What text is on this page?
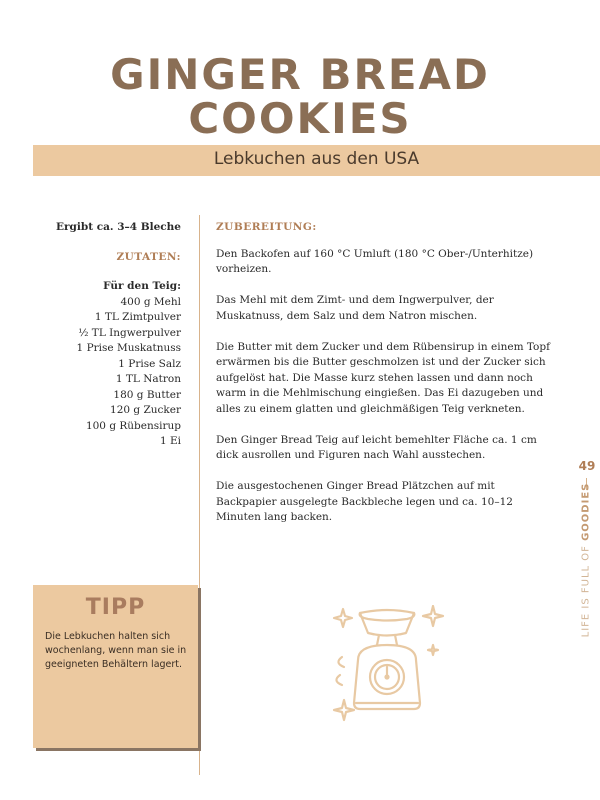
GINGER BREAD
COOKIES
Lebkuchen aus den USA
Ergibt ca. 3–4 Bleche
ZUTATEN:
Für den Teig:
400 g Mehl
1 TL Zimtpulver
½ TL Ingwerpulver
1 Prise Muskatnuss
1 Prise Salz
1 TL Natron
180 g Butter
120 g Zucker
100 g Rübensirup
1 Ei
ZUBEREITUNG:

Den Backofen auf 160 °C Umluft (180 °C Ober-/Unterhitze) vorheizen.

Das Mehl mit dem Zimt- und dem Ingwerpulver, der Muskatnuss, dem Salz und dem Natron mischen.

Die Butter mit dem Zucker und dem Rübensirup in einem Topf erwärmen bis die Butter geschmolzen ist und der Zucker sich aufgelöst hat. Die Masse kurz stehen lassen und dann noch warm in die Mehlmischung eingießen. Das Ei dazugeben und alles zu einem glatten und gleichmäßigen Teig verkneten.

Den Ginger Bread Teig auf leicht bemehlter Fläche ca. 1 cm dick ausrollen und Figuren nach Wahl ausstechen.

Die ausgestochenen Ginger Bread Plätzchen auf mit Backpapier ausgelegte Backbleche legen und ca. 10–12 Minuten lang backen.

TIPP
Die Lebkuchen halten sich wochenlang, wenn man sie in geeigneten Behältern lagert.
49
LIFE IS FULL OF GOODIES
